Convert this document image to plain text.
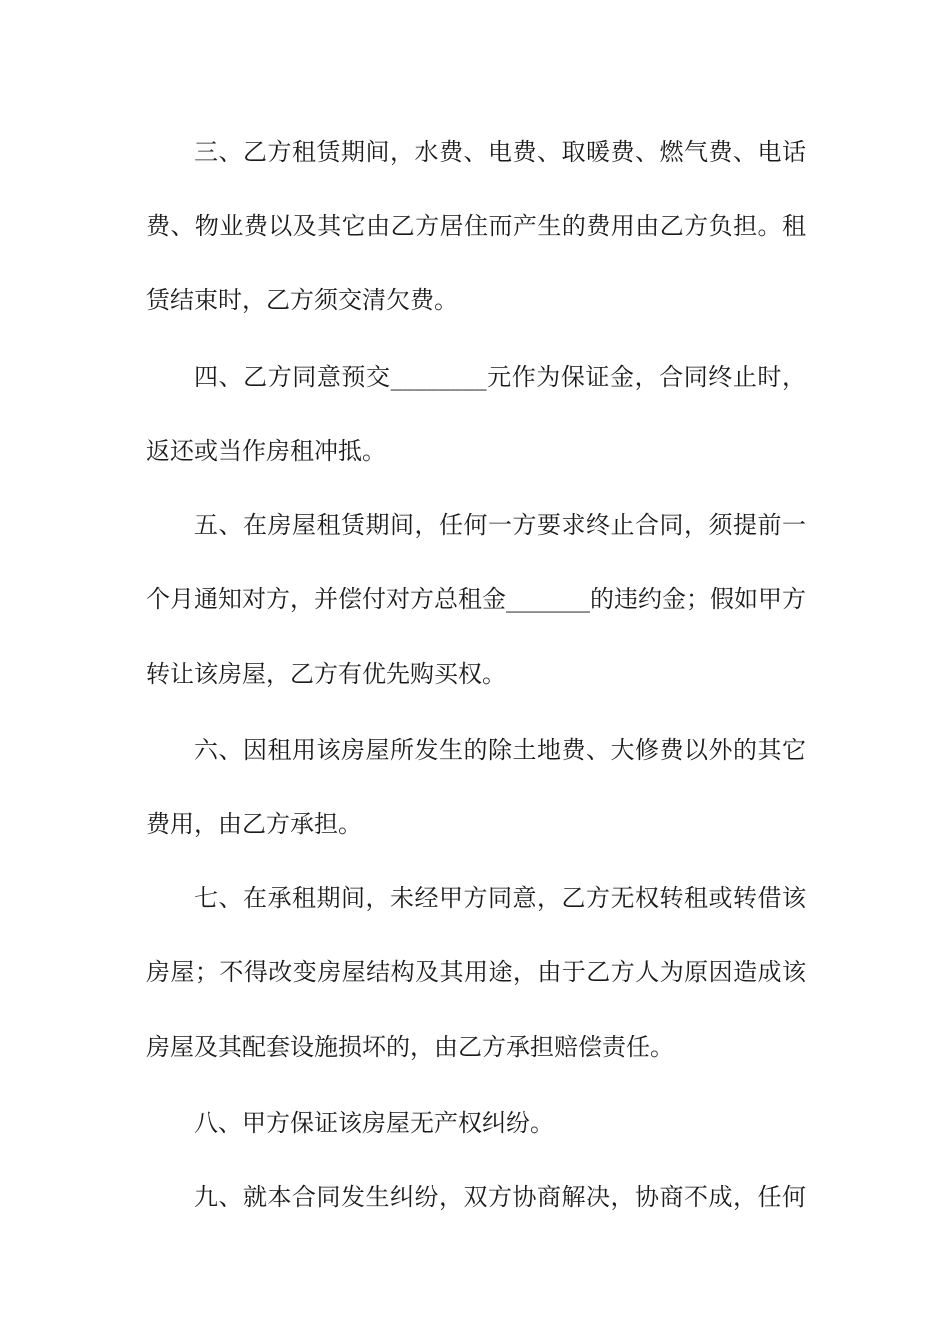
三、乙方租赁期间，水费、电费、取暖费、燃气费、电话
费、物业费以及其它由乙方居住而产生的费用由乙方负担。租
赁结束时，乙方须交清欠费。
四、乙方同意预交________元作为保证金，合同终止时，
返还或当作房租冲抵。
五、在房屋租赁期间，任何一方要求终止合同，须提前一
个月通知对方，并偿付对方总租金_______的违约金；假如甲方
转让该房屋，乙方有优先购买权。
六、因租用该房屋所发生的除土地费、大修费以外的其它
费用，由乙方承担。
七、在承租期间，未经甲方同意，乙方无权转租或转借该
房屋；不得改变房屋结构及其用途，由于乙方人为原因造成该
房屋及其配套设施损坏的，由乙方承担赔偿责任。
八、甲方保证该房屋无产权纠纷。
九、就本合同发生纠纷，双方协商解决，协商不成，任何
